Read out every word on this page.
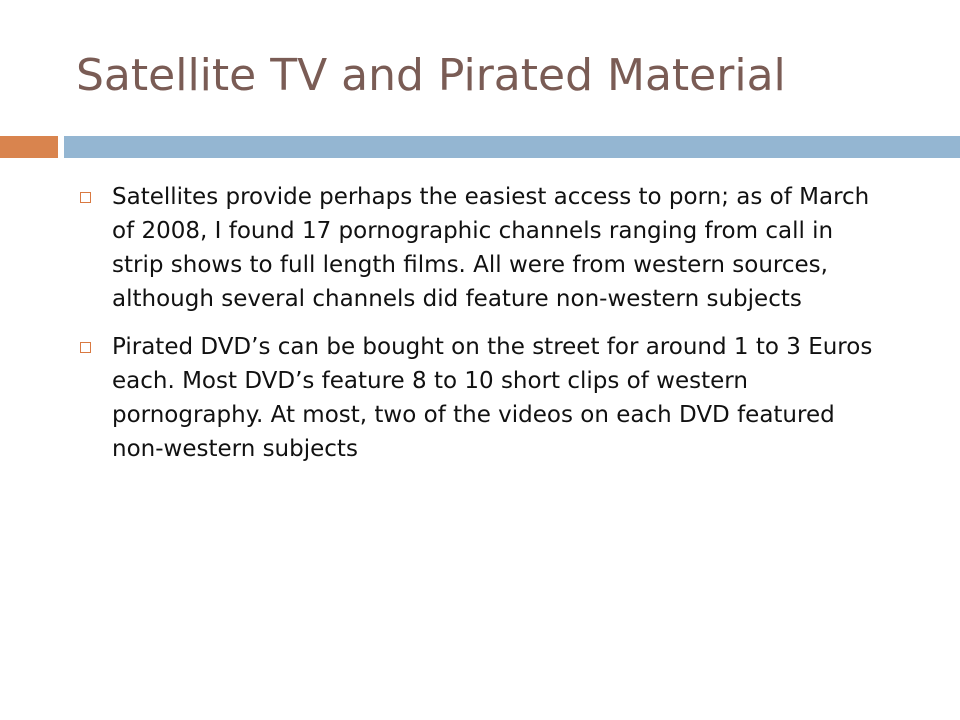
Satellite TV and Pirated Material
Satellites provide perhaps the easiest access to porn; as of March of 2008, I found 17 pornographic channels ranging from call in strip shows to full length films. All were from western sources, although several channels did feature non-western subjects
Pirated DVD’s can be bought on the street for around 1 to 3 Euros each. Most DVD’s feature 8 to 10 short clips of western pornography. At most, two of the videos on each DVD featured non-western subjects
